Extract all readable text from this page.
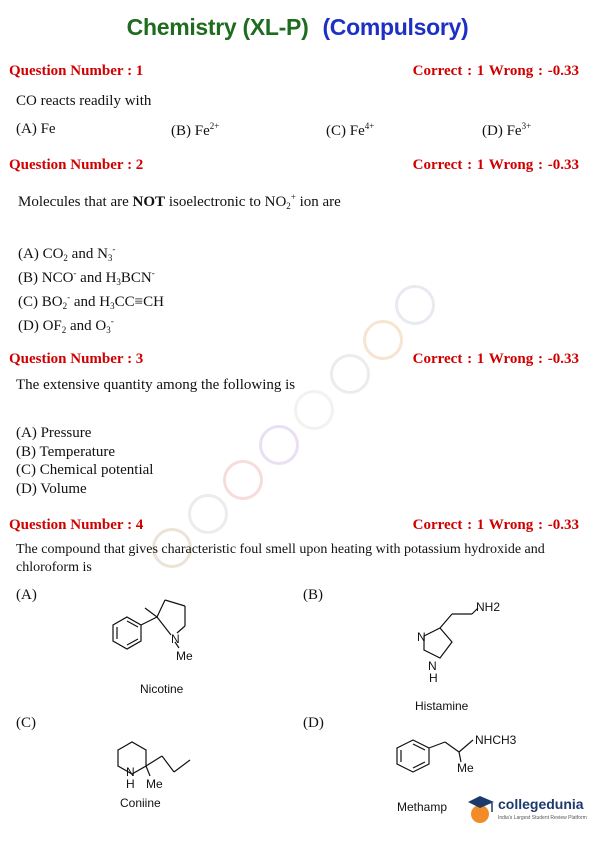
Chemistry (XL-P) (Compulsory)
Question Number : 1	Correct : 1 Wrong : -0.33
CO reacts readily with
(A) Fe	(B) $Fe^{2+}$	(C) $Fe^{4+}$	(D) $Fe^{3+}$
Question Number : 2	Correct : 1 Wrong : -0.33
Molecules that are NOT isoelectronic to $NO_2^+$ ion are
(A) $CO_2$ and $N_3^-$
(B) NCO- and $H_3BCN^-$
(C) $BO_2^-$ and $H_3CC\equiv CH$
(D) $OF_2$ and $O_3^-$
Question Number : 3	Correct : 1 Wrong : -0.33
The extensive quantity among the following is
(A) Pressure
(B) Temperature
(C) Chemical potential
(D) Volume
Question Number : 4	Correct : 1 Wrong : -0.33
The compound that gives characteristic foul smell upon heating with potassium hydroxide and
chloroform is
(A)	(B)
(C)	(D)
N
Me
Nicotine
NH2
N
N
H
Histamine
N
H Me
Coniine
NHCH3
Me
Methamp	collegedunia
India's Largest Student Review Platform
